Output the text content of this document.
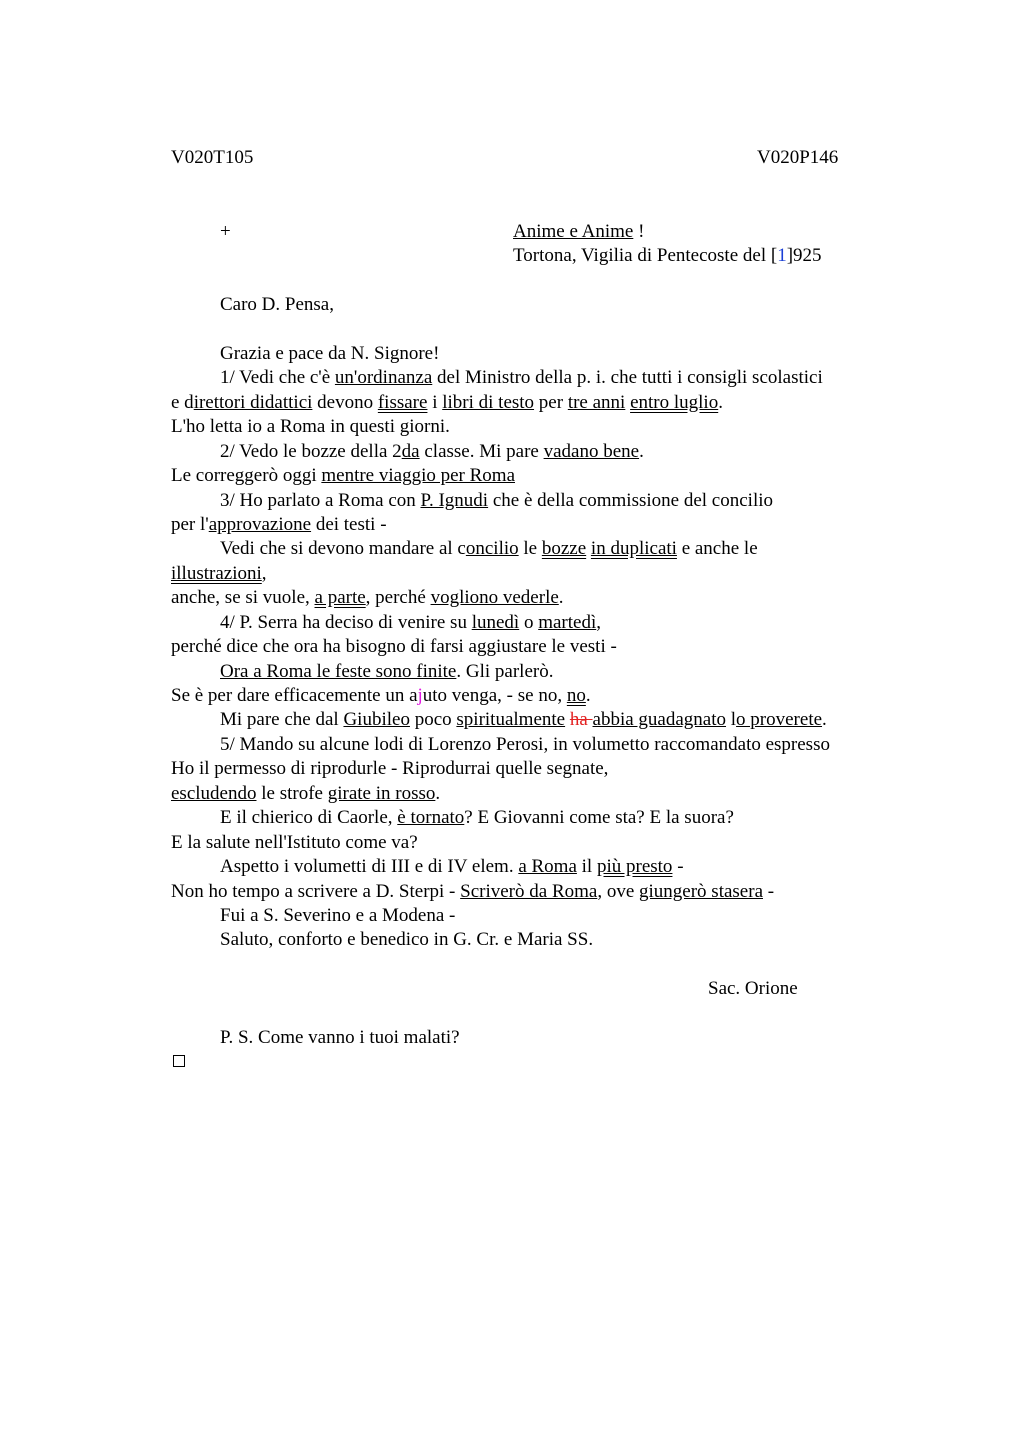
V020T105	V020P146
+	Anime e Anime !
Tortona, Vigilia di Pentecoste del [1]925
Caro D. Pensa,
Grazia e pace da N. Signore!
1/ Vedi che c'è un'ordinanza del Ministro della p. i. che tutti i consigli scolastici
e direttori didattici devono fissare i libri di testo per tre anni entro luglio.
L'ho letta io a Roma in questi giorni.
2/ Vedo le bozze della 2da classe. Mi pare vadano bene.
Le correggerò oggi mentre viaggio per Roma
3/ Ho parlato a Roma con P. Ignudi che è della commissione del concilio
per l'approvazione dei testi -
Vedi che si devono mandare al concilio le bozze in duplicati e anche le
illustrazioni,
anche, se si vuole, a parte, perché vogliono vederle.
4/ P. Serra ha deciso di venire su lunedì o martedì,
perché dice che ora ha bisogno di farsi aggiustare le vesti -
Ora a Roma le feste sono finite. Gli parlerò.
Se è per dare efficacemente un ajuto venga, - se no, no.
Mi pare che dal Giubileo poco spiritualmente ha abbia guadagnato lo proverete.
5/ Mando su alcune lodi di Lorenzo Perosi, in volumetto raccomandato espresso
Ho il permesso di riprodurle - Riprodurrai quelle segnate,
escludendo le strofe girate in rosso.
E il chierico di Caorle, è tornato? E Giovanni come sta? E la suora?
E la salute nell'Istituto come va?
Aspetto i volumetti di III e di IV elem. a Roma il più presto -
Non ho tempo a scrivere a D. Sterpi - Scriverò da Roma, ove giungerò stasera -
Fui a S. Severino e a Modena -
Saluto, conforto e benedico in G. Cr. e Maria SS.
Sac. Orione
P. S. Come vanno i tuoi malati?
